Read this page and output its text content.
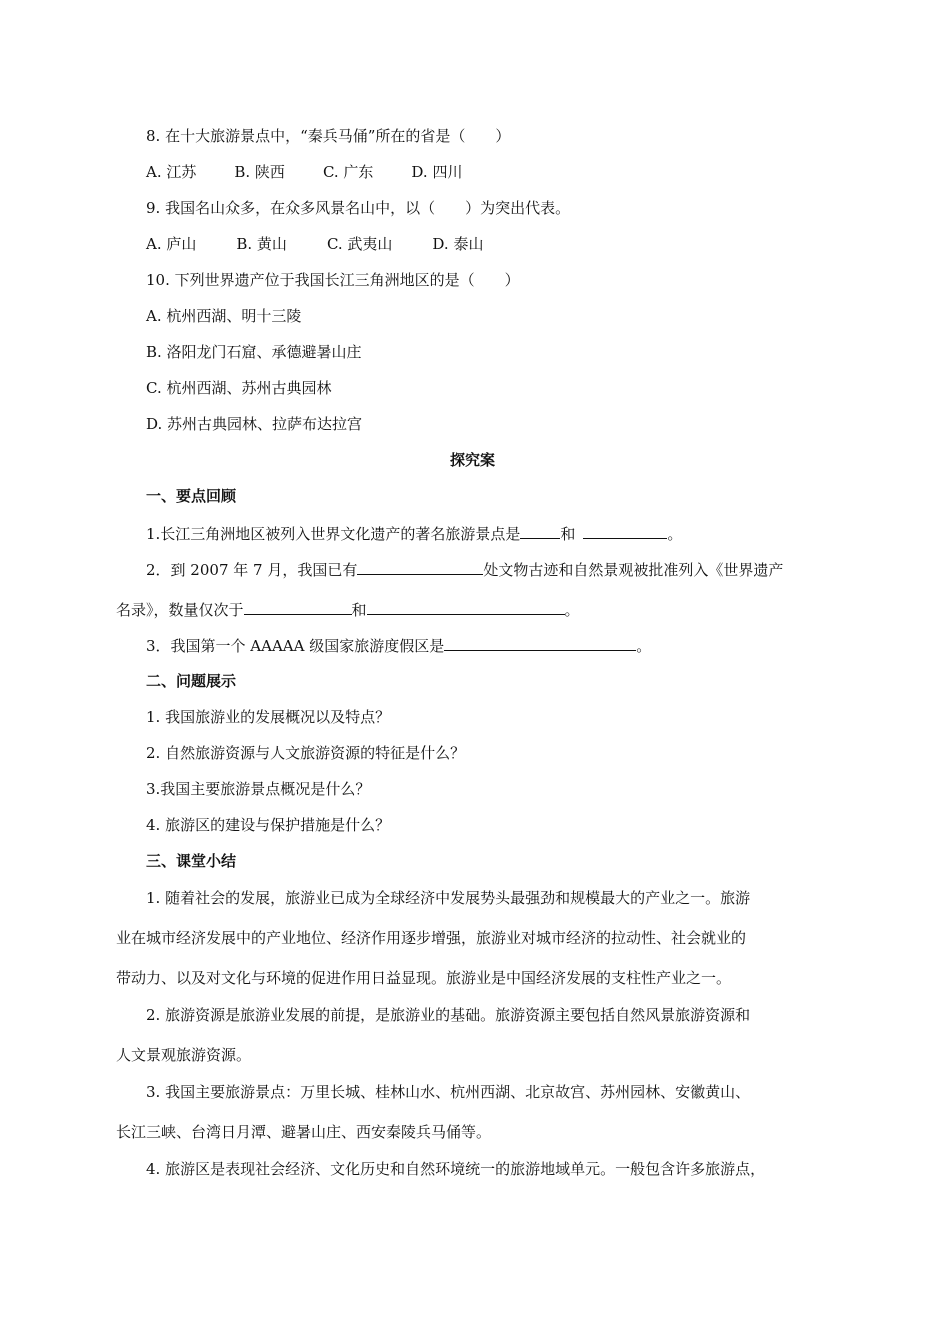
8. 在十大旅游景点中，“秦兵马俑”所在的省是（　　）
A. 江苏	B. 陕西	C. 广东	D. 四川
9. 我国名山众多，在众多风景名山中，以（　　）为突出代表。
A. 庐山	B. 黄山	C. 武夷山	D. 泰山
10. 下列世界遗产位于我国长江三角洲地区的是（　　）
A. 杭州西湖、明十三陵
B. 洛阳龙门石窟、承德避暑山庄
C. 杭州西湖、苏州古典园林
D. 苏州古典园林、拉萨布达拉宫
探究案
一、要点回顾
1.长江三角洲地区被列入世界文化遗产的著名旅游景点是	和	。
2．到 2007 年 7 月，我国已有	处文物古迹和自然景观被批准列入《世界遗产
名录》，数量仅次于	和	。
3．我国第一个 AAAAA 级国家旅游度假区是	。
二、问题展示
1. 我国旅游业的发展概况以及特点？
2. 自然旅游资源与人文旅游资源的特征是什么？
3.我国主要旅游景点概况是什么？
4. 旅游区的建设与保护措施是什么？
三、课堂小结
1. 随着社会的发展，旅游业已成为全球经济中发展势头最强劲和规模最大的产业之一。旅游
业在城市经济发展中的产业地位、经济作用逐步增强，旅游业对城市经济的拉动性、社会就业的
带动力、以及对文化与环境的促进作用日益显现。旅游业是中国经济发展的支柱性产业之一。
2. 旅游资源是旅游业发展的前提，是旅游业的基础。旅游资源主要包括自然风景旅游资源和
人文景观旅游资源。
3. 我国主要旅游景点：万里长城、桂林山水、杭州西湖、北京故宫、苏州园林、安徽黄山、
长江三峡、台湾日月潭、避暑山庄、西安秦陵兵马俑等。
4. 旅游区是表现社会经济、文化历史和自然环境统一的旅游地域单元。一般包含许多旅游点，
